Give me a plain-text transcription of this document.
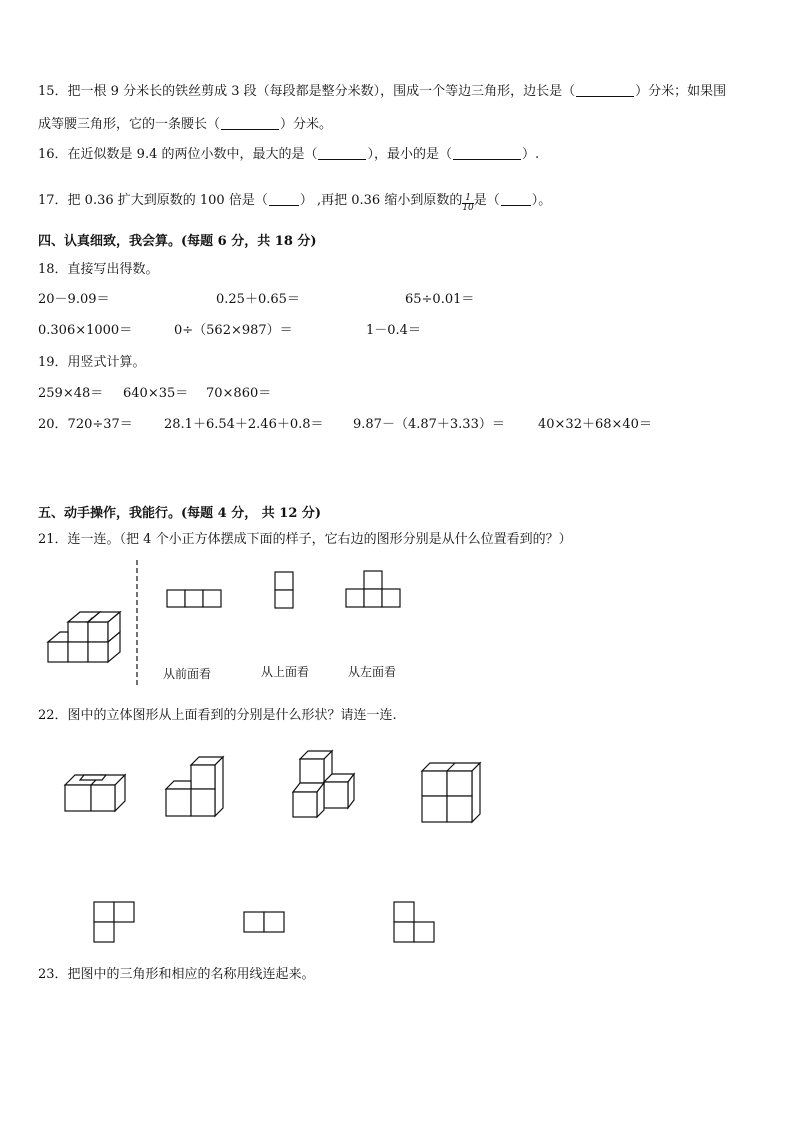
15．把一根 9 分米长的铁丝剪成 3 段（每段都是整分米数），围成一个等边三角形，边长是（	）分米；如果围
成等腰三角形，它的一条腰长（	）分米。
16．在近似数是 9.4 的两位小数中，最大的是（	），最小的是（	）.
17．把 0.36 扩大到原数的 100 倍是（ ） ,再把 0.36 缩小到原数的 $\frac{1}{10}$ 是（ ）。
四、认真细致，我会算。(每题 6 分，共 18 分)
18．直接写出得数。
20－9.09＝	0.25＋0.65＝	65÷0.01＝
0.306×1000＝	0÷（562×987）＝	1－0.4＝
19．用竖式计算。
259×48＝ 640×35＝ 70×860＝
20．720÷37＝ 28.1＋6.54＋2.46＋0.8＝ 9.87－（4.87＋3.33）＝	40×32＋68×40＝
五、动手操作，我能行。(每题 4 分， 共 12 分)
21．连一连。（把 4 个小正方体摆成下面的样子，它右边的图形分别是从什么位置看到的？）
从前面看	从上面看	从左面看
22．图中的立体图形从上面看到的分别是什么形状？请连一连.
23．把图中的三角形和相应的名称用线连起来。
